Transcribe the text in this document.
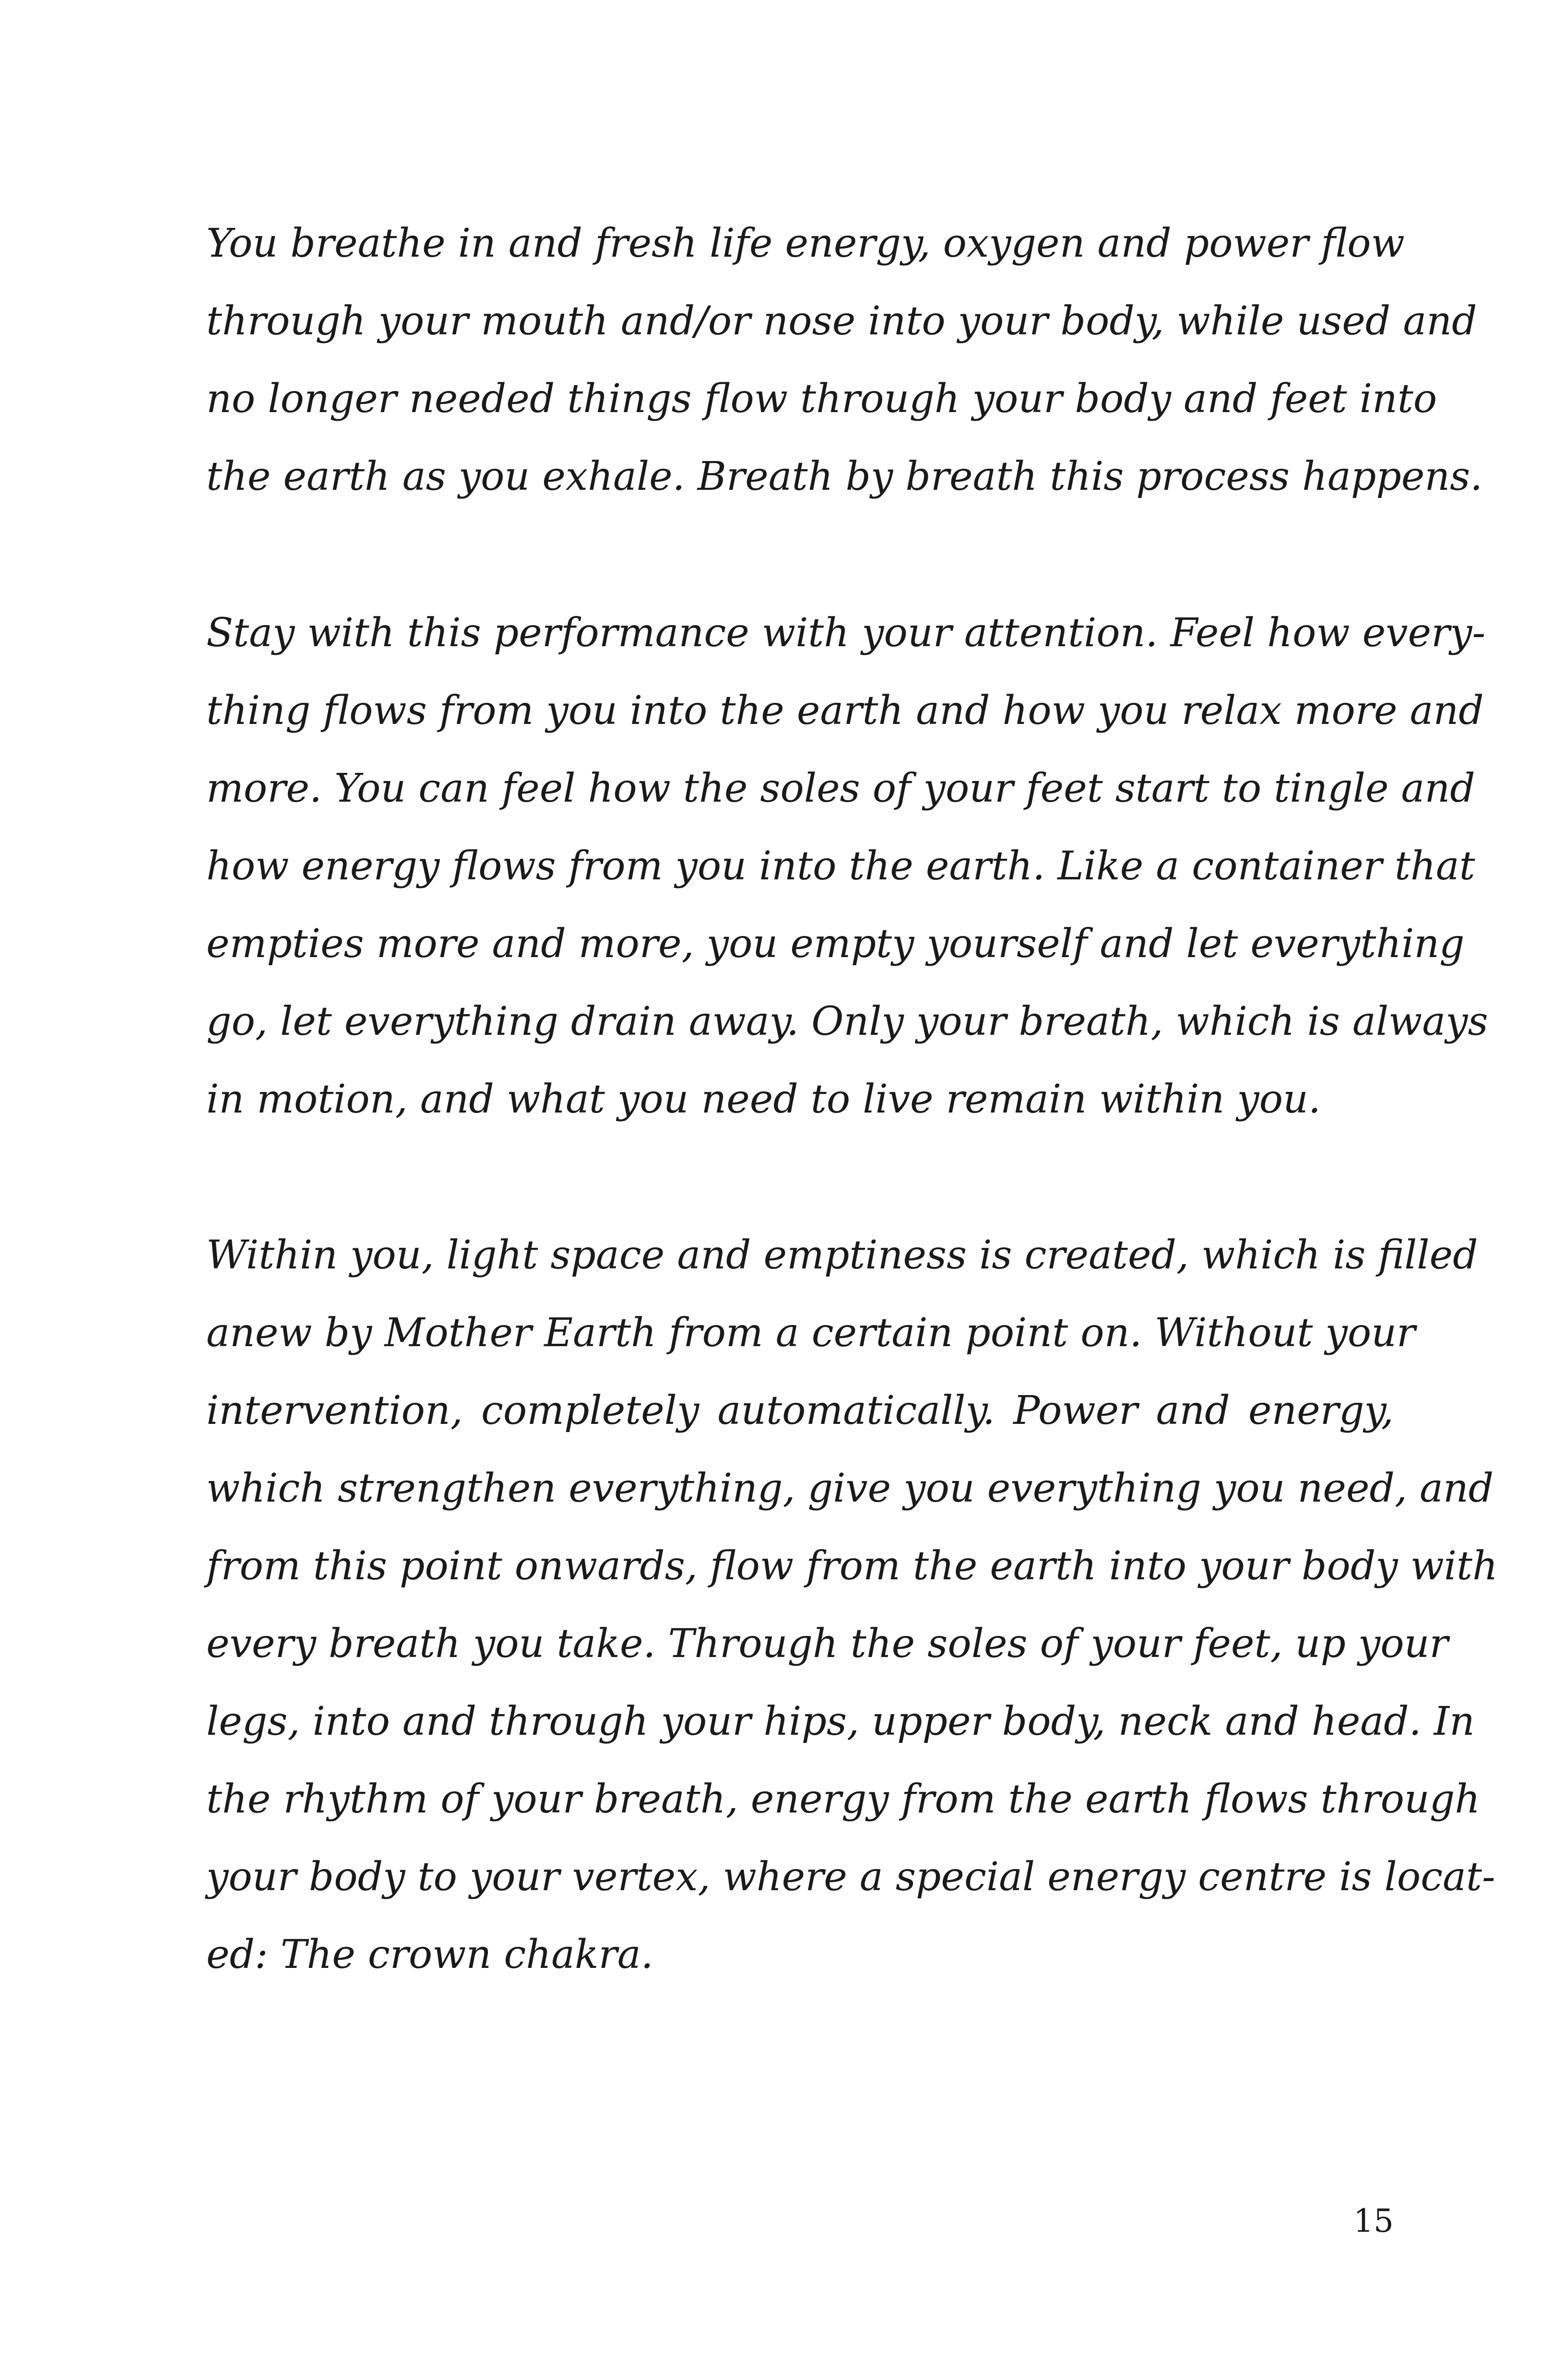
You breathe in and fresh life energy, oxygen and power flow
through your mouth and/or nose into your body, while used and
no longer needed things flow through your body and feet into
the earth as you exhale. Breath by breath this process happens.

Stay with this performance with your attention. Feel how every-
thing flows from you into the earth and how you relax more and
more. You can feel how the soles of your feet start to tingle and
how energy flows from you into the earth. Like a container that
empties more and more, you empty yourself and let everything
go, let everything drain away. Only your breath, which is always
in motion, and what you need to live remain within you.

Within you, light space and emptiness is created, which is filled
anew by Mother Earth from a certain point on. Without your
intervention, completely automatically. Power and energy,
which strengthen everything, give you everything you need, and
from this point onwards, flow from the earth into your body with
every breath you take. Through the soles of your feet, up your
legs, into and through your hips, upper body, neck and head. In
the rhythm of your breath, energy from the earth flows through
your body to your vertex, where a special energy centre is locat-
ed: The crown chakra.

15
